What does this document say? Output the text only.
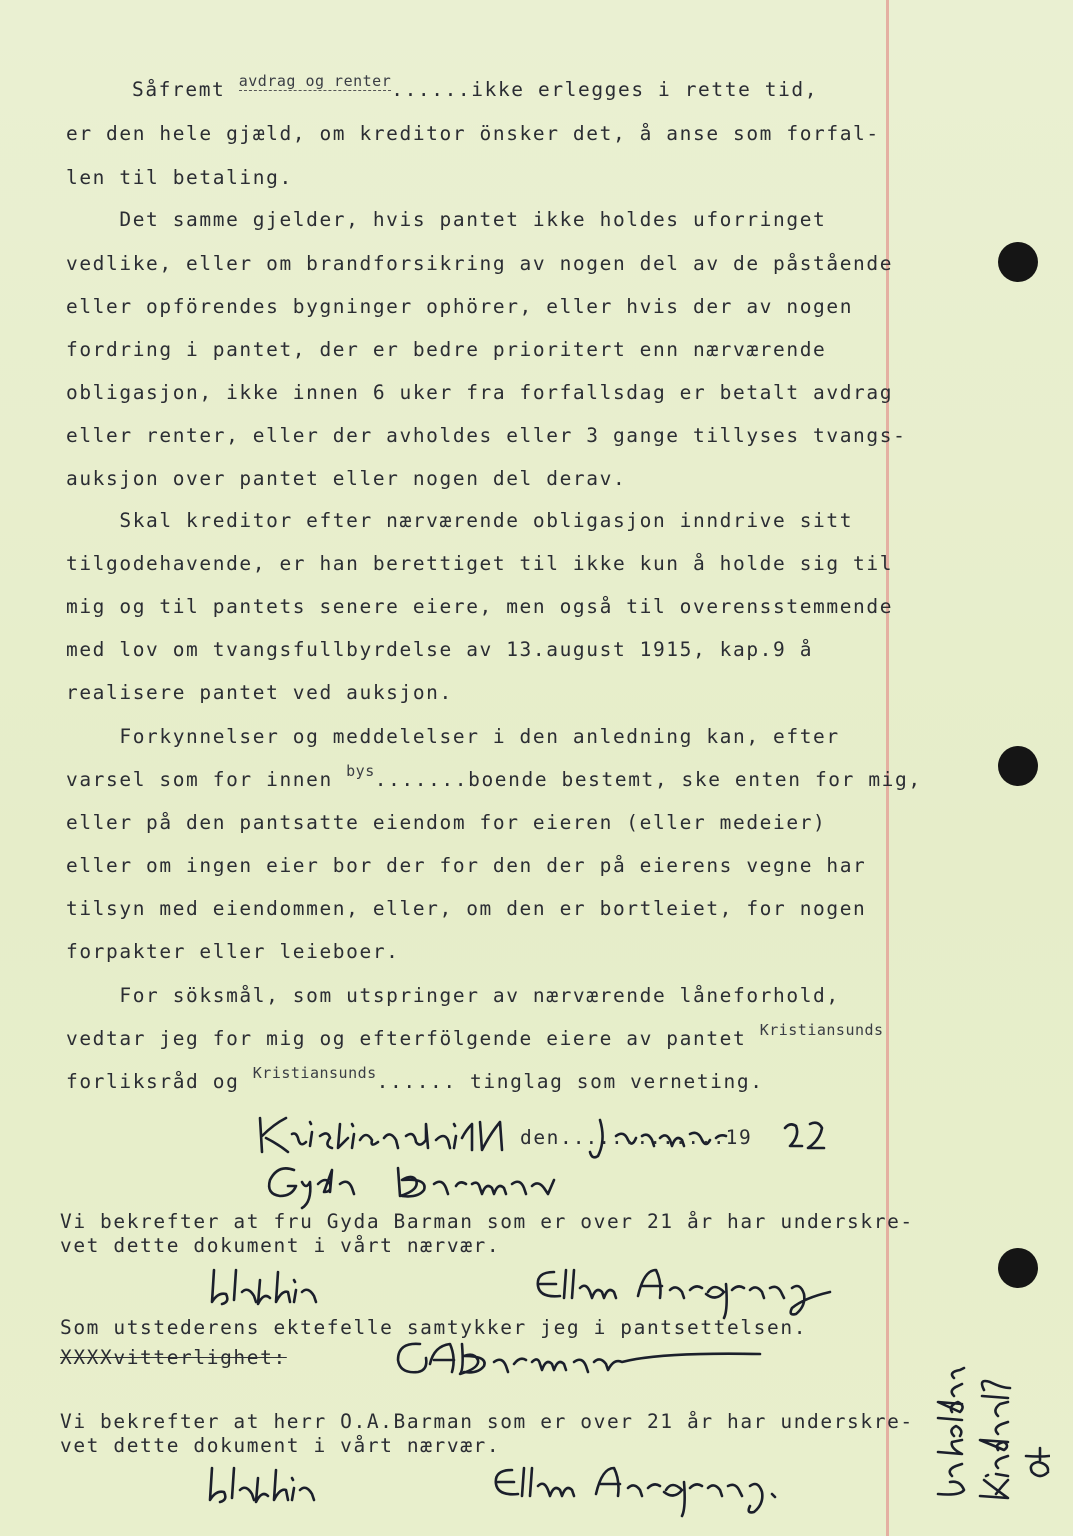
Såfremt $^{avdrag og renter}$......ikke erlegges i rette tid,
er den hele gjæld, om kreditor önsker det, å anse som forfal-
len til betaling.
Det samme gjelder, hvis pantet ikke holdes uforringet
vedlike, eller om brandforsikring av nogen del av de påstående
eller opförendes bygninger ophörer, eller hvis der av nogen
fordring i pantet, der er bedre prioritert enn nærværende
obligasjon, ikke innen 6 uker fra forfallsdag er betalt avdrag
eller renter, eller der avholdes eller 3 gange tillyses tvangs-
auksjon over pantet eller nogen del derav.
Skal kreditor efter nærværende obligasjon inndrive sitt
tilgodehavende, er han berettiget til ikke kun å holde sig til
mig og til pantets senere eiere, men også til overensstemmende
med lov om tvangsfullbyrdelse av 13.august 1915, kap.9 å
realisere pantet ved auksjon.
Forkynnelser og meddelelser i den anledning kan, efter
varsel som for innen $^{bys}$.......boende bestemt, ske enten for mig,
eller på den pantsatte eiendom for eieren (eller medeier)
eller om ingen eier bor der for den der på eierens vegne har
tilsyn med eiendommen, eller, om den er bortleiet, for nogen
forpakter eller leieboer.
For söksmål, som utspringer av nærværende låneforhold,
vedtar jeg for mig og efterfölgende eiere av pantet $^{Kristiansunds}$
forliksråd og $^{Kristiansunds}$...... tinglag som verneting.
den.............19
Vi bekrefter at fru Gyda Barman som er over 21 år har underskre-
vet dette dokument i vårt nærvær.
Som utstederens ektefelle samtykker jeg i pantsettelsen.
XXXXvitterlighet:
Vi bekrefter at herr O.A.Barman som er over 21 år har underskre-
vet dette dokument i vårt nærvær.
